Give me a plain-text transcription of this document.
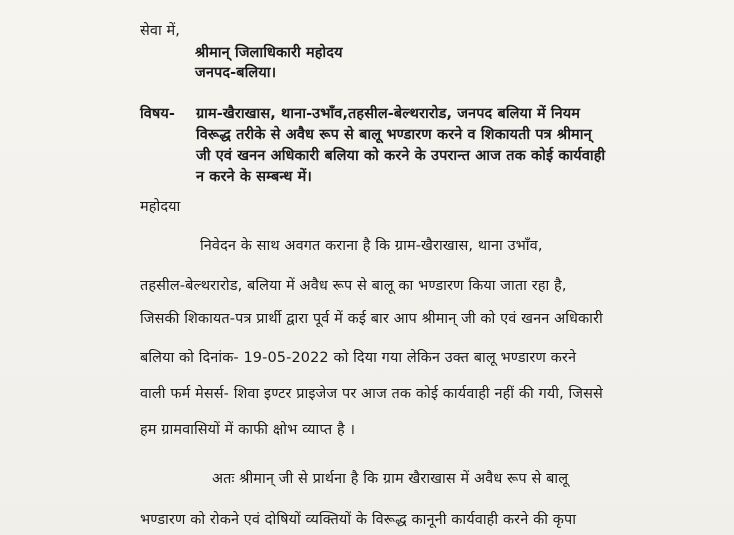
सेवा में,
श्रीमान् जिलाधिकारी महोदय
जनपद-बलिया।
विषय- ग्राम-खैराखास, थाना-उभाँव,तहसील-बेल्थरारोड, जनपद बलिया में नियम
विरूद्ध तरीके से अवैध रूप से बालू भण्डारण करने व शिकायती पत्र श्रीमान्
जी एवं खनन अधिकारी बलिया को करने के उपरान्त आज तक कोई कार्यवाही
न करने के सम्बन्ध में।
महोदया
निवेदन के साथ अवगत कराना है कि ग्राम-खैराखास, थाना उभाँव,
तहसील-बेल्थरारोड, बलिया में अवैध रूप से बालू का भण्डारण किया जाता रहा है,
जिसकी शिकायत-पत्र प्रार्थी द्वारा पूर्व में कई बार आप श्रीमान् जी को एवं खनन अधिकारी
बलिया को दिनांक- 19-05-2022 को दिया गया लेकिन उक्त बालू भण्डारण करने
वाली फर्म मेसर्स- शिवा इण्टर प्राइजेज पर आज तक कोई कार्यवाही नहीं की गयी, जिससे
हम ग्रामवासियों में काफी क्षोभ व्याप्त है ।
अतः श्रीमान् जी से प्रार्थना है कि ग्राम खैराखास में अवैध रूप से बालू
भण्डारण को रोकने एवं दोषियों व्यक्तियों के विरूद्ध कानूनी कार्यवाही करने की कृपा
